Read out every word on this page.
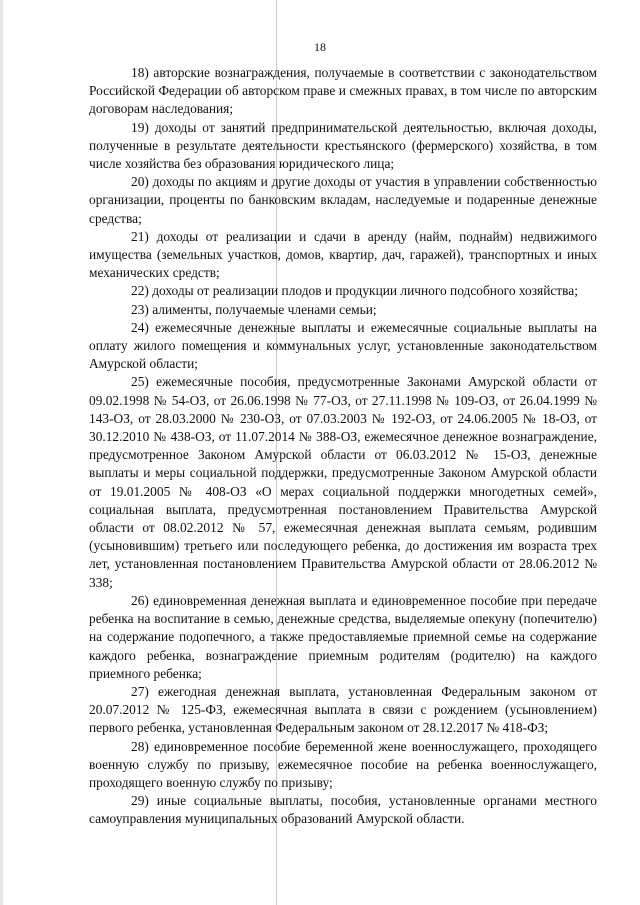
18

18) авторские вознаграждения, получаемые в соответствии с законодательством Российской Федерации об авторском праве и смежных правах, в том числе по авторским договорам наследования;

19) доходы от занятий предпринимательской деятельностью, включая доходы, полученные в результате деятельности крестьянского (фермерского) хозяйства, в том числе хозяйства без образования юридического лица;

20) доходы по акциям и другие доходы от участия в управлении собственностью организации, проценты по банковским вкладам, наследуемые и подаренные денежные средства;

21) доходы от реализации и сдачи в аренду (найм, поднайм) недвижимого имущества (земельных участков, домов, квартир, дач, гаражей), транспортных и иных механических средств;

22) доходы от реализации плодов и продукции личного подсобного хозяйства;

23) алименты, получаемые членами семьи;

24) ежемесячные денежные выплаты и ежемесячные социальные выплаты на оплату жилого помещения и коммунальных услуг, установленные законодательством Амурской области;

25) ежемесячные пособия, предусмотренные Законами Амурской области от 09.02.1998 № 54-ОЗ, от 26.06.1998 № 77-ОЗ, от 27.11.1998 № 109-ОЗ, от 26.04.1999 № 143-ОЗ, от 28.03.2000 № 230-ОЗ, от 07.03.2003 № 192-ОЗ, от 24.06.2005 № 18-ОЗ, от 30.12.2010 № 438-ОЗ, от 11.07.2014 № 388-ОЗ, ежемесячное денежное вознаграждение, предусмотренное Законом Амурской области от 06.03.2012 № 15-ОЗ, денежные выплаты и меры социальной поддержки, предусмотренные Законом Амурской области от 19.01.2005 № 408-ОЗ «О мерах социальной поддержки многодетных семей», социальная выплата, предусмотренная постановлением Правительства Амурской области от 08.02.2012 № 57, ежемесячная денежная выплата семьям, родившим (усыновившим) третьего или последующего ребенка, до достижения им возраста трех лет, установленная постановлением Правительства Амурской области от 28.06.2012 № 338;

26) единовременная денежная выплата и единовременное пособие при передаче ребенка на воспитание в семью, денежные средства, выделяемые опекуну (попечителю) на содержание подопечного, а также предоставляемые приемной семье на содержание каждого ребенка, вознаграждение приемным родителям (родителю) на каждого приемного ребенка;

27) ежегодная денежная выплата, установленная Федеральным законом от 20.07.2012 № 125-ФЗ, ежемесячная выплата в связи с рождением (усыновлением) первого ребенка, установленная Федеральным законом от 28.12.2017 № 418-ФЗ;

28) единовременное пособие беременной жене военнослужащего, проходящего военную службу по призыву, ежемесячное пособие на ребенка военнослужащего, проходящего военную службу по призыву;

29) иные социальные выплаты, пособия, установленные органами местного самоуправления муниципальных образований Амурской области.
